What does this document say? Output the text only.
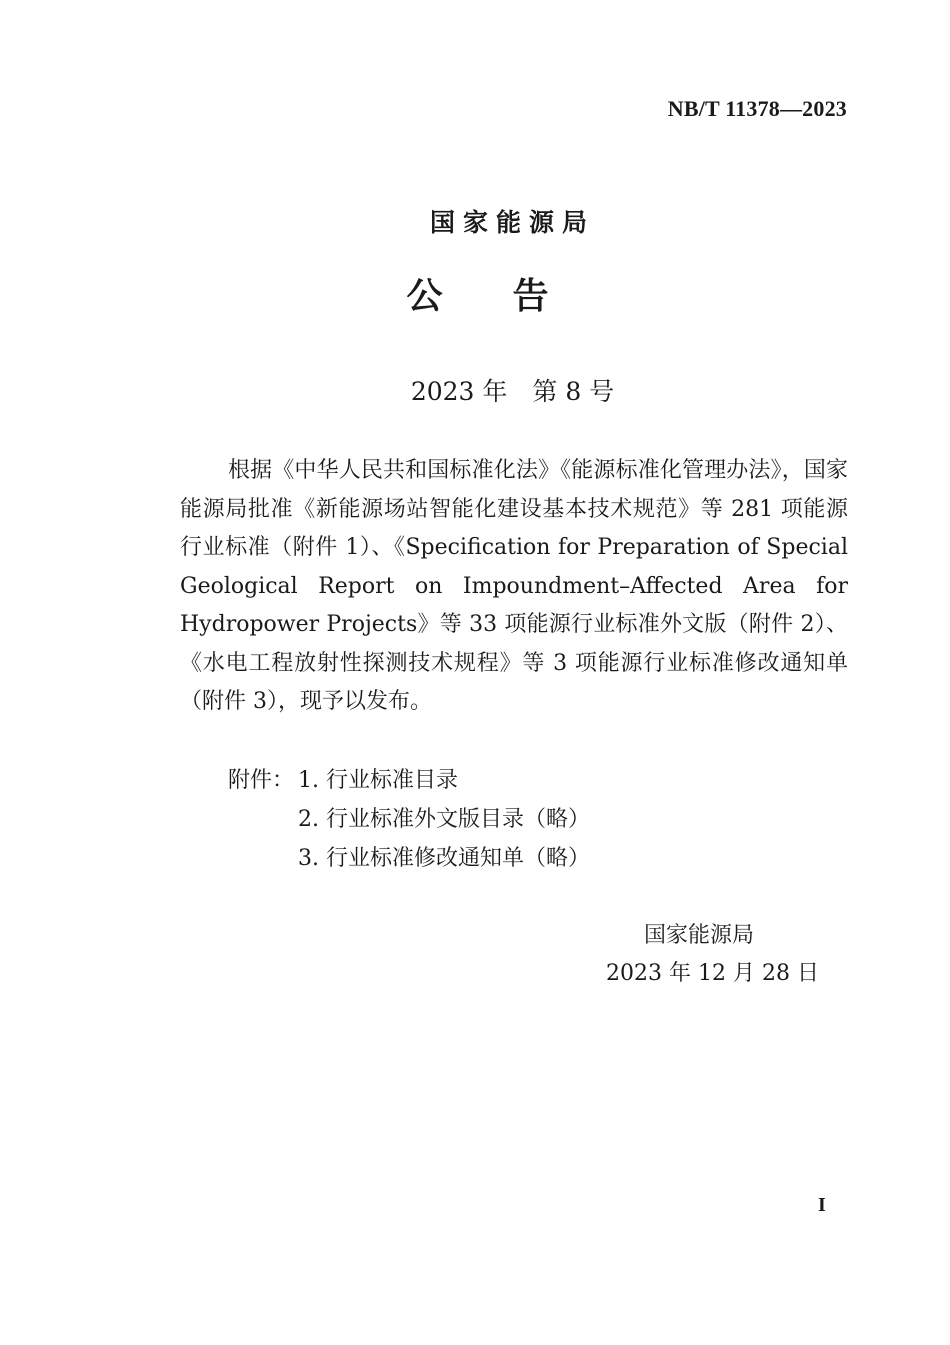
NB/T 11378—2023
国家能源局
公告
2023 年　第 8 号

根据《中华人民共和国标准化法》《能源标准化管理办法》，国家能源局批准《新能源场站智能化建设基本技术规范》等 281 项能源行业标准（附件 1）、《Specification for Preparation of Special Geological Report on Impoundment–Affected Area for Hydropower Projects》等 33 项能源行业标准外文版（附件 2）、《水电工程放射性探测技术规程》等 3 项能源行业标准修改通知单（附件 3），现予以发布。

附件： 1. 行业标准目录
2. 行业标准外文版目录（略）
3. 行业标准修改通知单（略）
国家能源局
2023 年 12 月 28 日
I
